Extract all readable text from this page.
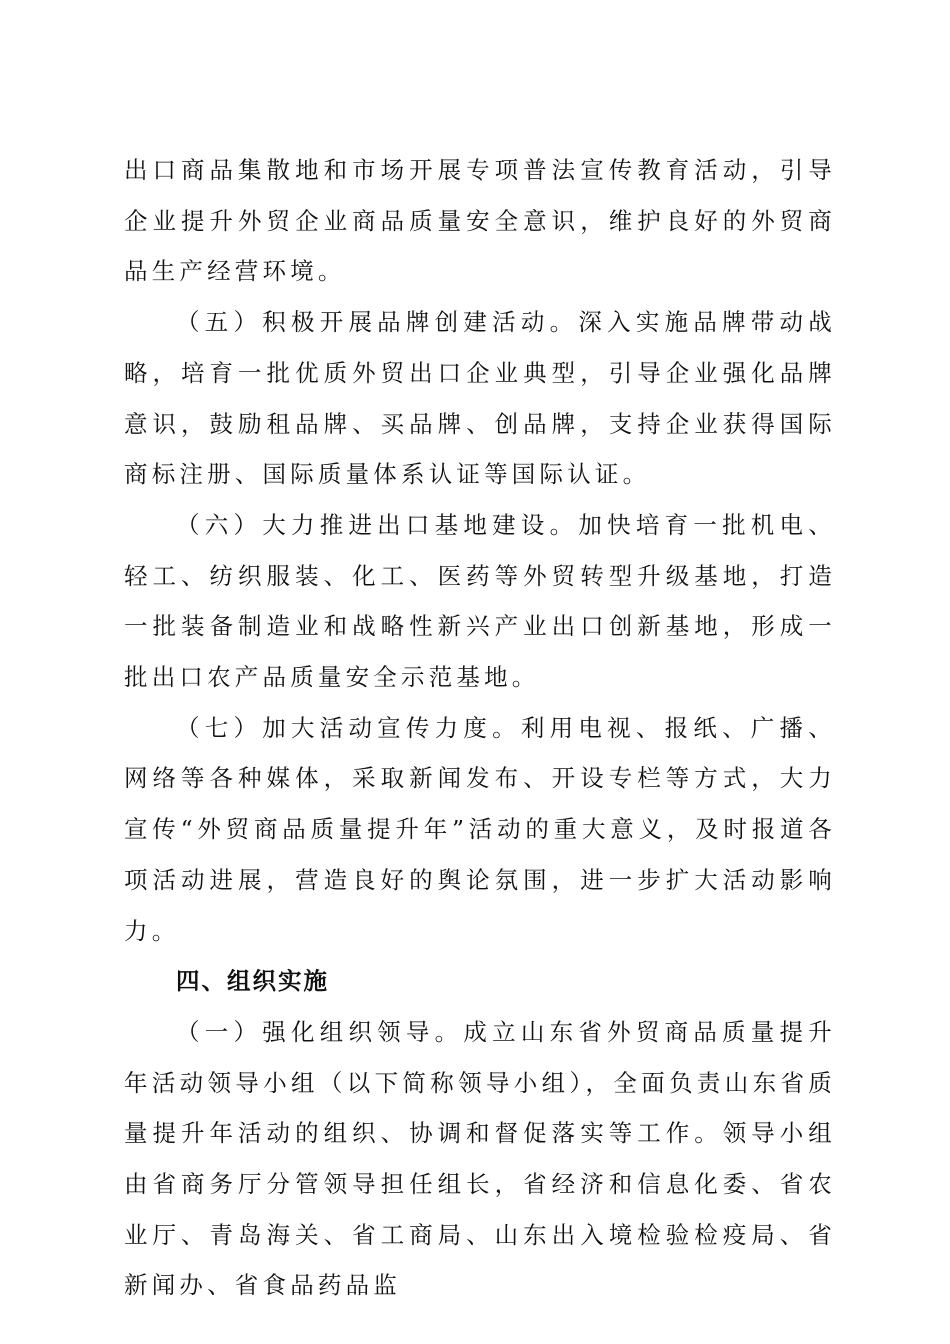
出口商品集散地和市场开展专项普法宣传教育活动，引导企业提升外贸企业商品质量安全意识，维护良好的外贸商品生产经营环境。

（五）积极开展品牌创建活动。深入实施品牌带动战略，培育一批优质外贸出口企业典型，引导企业强化品牌意识，鼓励租品牌、买品牌、创品牌，支持企业获得国际商标注册、国际质量体系认证等国际认证。

（六）大力推进出口基地建设。加快培育一批机电、轻工、纺织服装、化工、医药等外贸转型升级基地，打造一批装备制造业和战略性新兴产业出口创新基地，形成一批出口农产品质量安全示范基地。

（七）加大活动宣传力度。利用电视、报纸、广播、网络等各种媒体，采取新闻发布、开设专栏等方式，大力宣传“外贸商品质量提升年”活动的重大意义，及时报道各项活动进展，营造良好的舆论氛围，进一步扩大活动影响力。

四、组织实施

（一）强化组织领导。成立山东省外贸商品质量提升年活动领导小组（以下简称领导小组），全面负责山东省质量提升年活动的组织、协调和督促落实等工作。领导小组由省商务厅分管领导担任组长，省经济和信息化委、省农业厅、青岛海关、省工商局、山东出入境检验检疫局、省新闻办、省食品药品监
